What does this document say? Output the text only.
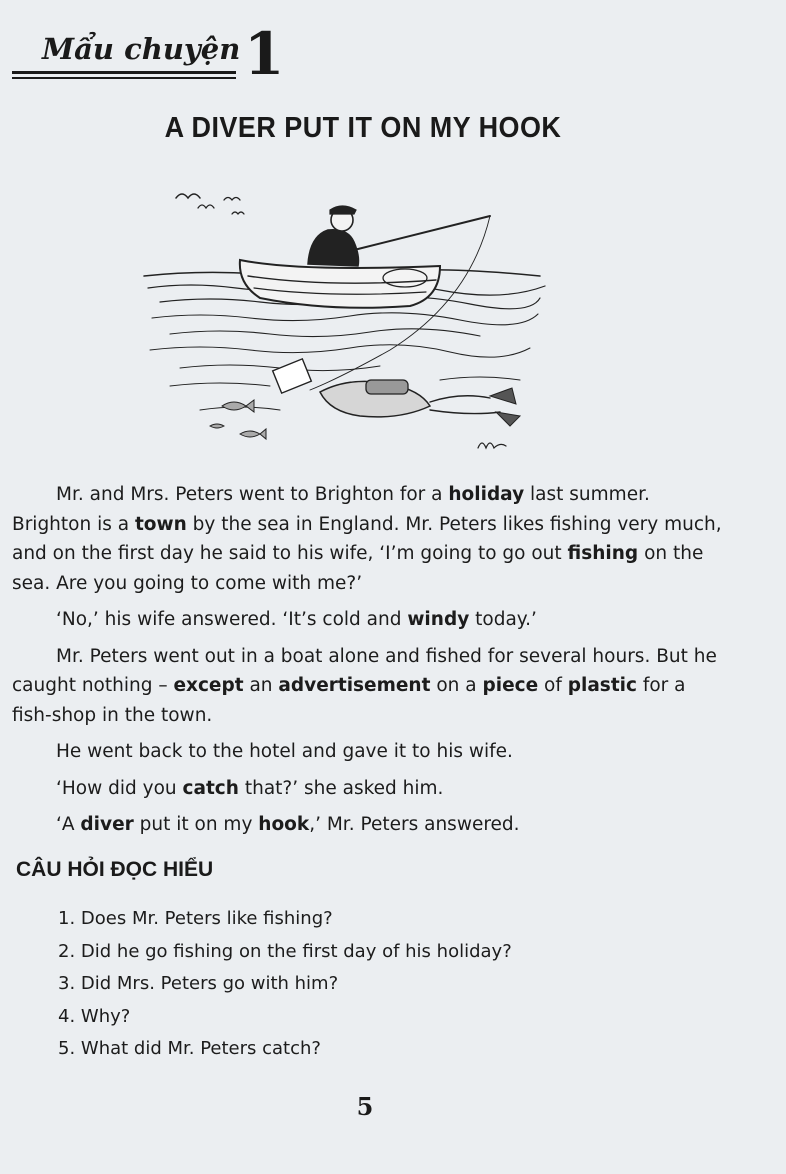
Mẩu chuyện 1
A DIVER PUT IT ON MY HOOK

Mr. and Mrs. Peters went to Brighton for a holiday last summer. Brighton is a town by the sea in England. Mr. Peters likes fishing very much, and on the first day he said to his wife, ‘I’m going to go out fishing on the sea. Are you going to come with me?’

‘No,’ his wife answered. ‘It’s cold and windy today.’

Mr. Peters went out in a boat alone and fished for several hours. But he caught nothing – except an advertisement on a piece of plastic for a fish-shop in the town.

He went back to the hotel and gave it to his wife.

‘How did you catch that?’ she asked him.

‘A diver put it on my hook,’ Mr. Peters answered.

CÂU HỎI ĐỌC HIỂU
1. Does Mr. Peters like fishing?
2. Did he go fishing on the first day of his holiday?
3. Did Mrs. Peters go with him?
4. Why?
5. What did Mr. Peters catch?
5
